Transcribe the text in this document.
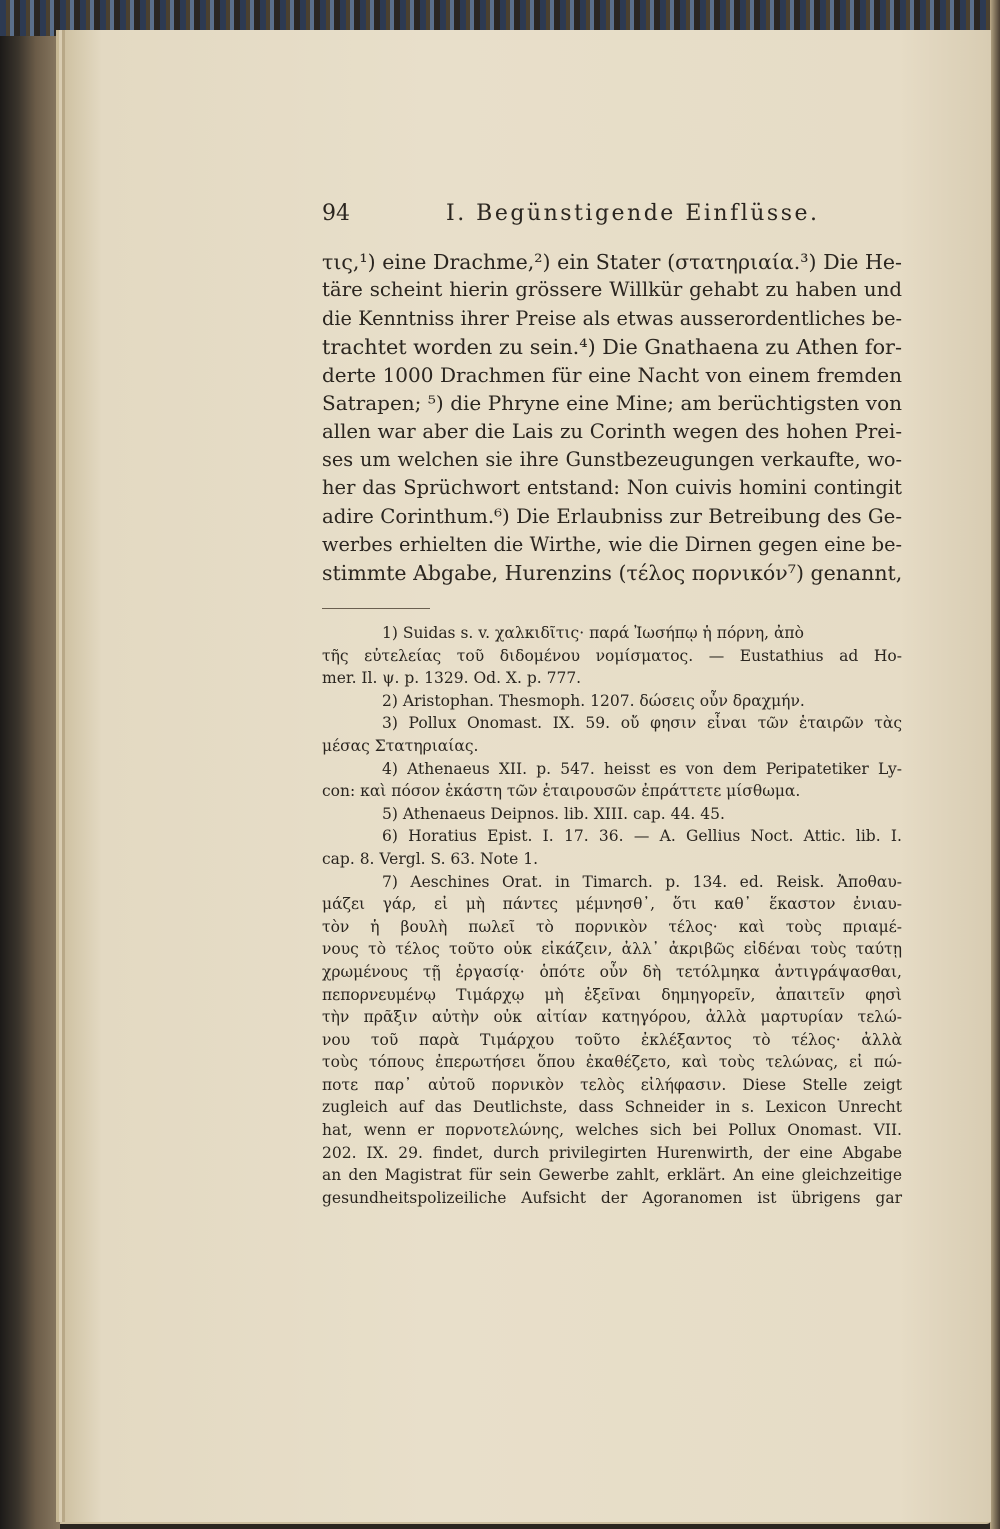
94	I. Begünstigende Einflüsse.
τις,¹) eine Drachme,²) ein Stater (στατηριαία.³) Die He-
täre scheint hierin grössere Willkür gehabt zu haben und
die Kenntniss ihrer Preise als etwas ausserordentliches be-
trachtet worden zu sein.⁴) Die Gnathaena zu Athen for-
derte 1000 Drachmen für eine Nacht von einem fremden
Satrapen; ⁵) die Phryne eine Mine; am berüchtigsten von
allen war aber die Lais zu Corinth wegen des hohen Prei-
ses um welchen sie ihre Gunstbezeugungen verkaufte, wo-
her das Sprüchwort entstand: Non cuivis homini contingit
adire Corinthum.⁶) Die Erlaubniss zur Betreibung des Ge-
werbes erhielten die Wirthe, wie die Dirnen gegen eine be-
stimmte Abgabe, Hurenzins (τέλος πορνικόν⁷) genannt,
1) Suidas s. v. χαλκιδῖτις· παρά Ἰωσήπῳ ἡ πόρνη, ἀπὸ
τῆς εὐτελείας τοῦ διδομένου νομίσματος. — Eustathius ad Ho-
mer. Il. ψ. p. 1329. Od. X. p. 777.
2) Aristophan. Thesmoph. 1207. δώσεις οὖν δραχμήν.
3) Pollux Onomast. IX. 59. οὔ φησιν εἶναι τῶν ἑταιρῶν τὰς
μέσας Στατηριαίας.
4) Athenaeus XII. p. 547. heisst es von dem Peripatetiker Ly-
con: καὶ πόσον ἑκάστη τῶν ἑταιρουσῶν ἐπράττετε μίσθωμα.
5) Athenaeus Deipnos. lib. XIII. cap. 44. 45.
6) Horatius Epist. I. 17. 36. — A. Gellius Noct. Attic. lib. I.
cap. 8. Vergl. S. 63. Note 1.
7) Aeschines Orat. in Timarch. p. 134. ed. Reisk. Ἀποθαυ-
μάζει γάρ, εἰ μὴ πάντες μέμνησθ᾽, ὅτι καθ᾽ ἕκαστον ἐνιαυ-
τὸν ἡ βουλὴ πωλεῖ τὸ πορνικὸν τέλος· καὶ τοὺς πριαμέ-
νους τὸ τέλος τοῦτο οὐκ εἰκάζειν, ἀλλ᾽ ἀκριβῶς εἰδέναι τοὺς ταύτῃ
χρωμένους τῇ ἐργασίᾳ· ὁπότε οὖν δὴ τετόλμηκα ἀντιγράψασθαι,
πεπορνευμένῳ Τιμάρχῳ μὴ ἐξεῖναι δημηγορεῖν, ἀπαιτεῖν φησὶ
τὴν πρᾶξιν αὐτὴν οὐκ αἰτίαν κατηγόρου, ἀλλὰ μαρτυρίαν τελώ-
νου τοῦ παρὰ Τιμάρχου τοῦτο ἐκλέξαντος τὸ τέλος· ἀλλὰ
τοὺς τόπους ἐπερωτήσει ὅπου ἐκαθέζετο, καὶ τοὺς τελώνας, εἰ πώ-
ποτε παρ᾽ αὐτοῦ πορνικὸν τελὸς εἰλήφασιν. Diese Stelle zeigt
zugleich auf das Deutlichste, dass Schneider in s. Lexicon Unrecht
hat, wenn er πορνοτελώνης, welches sich bei Pollux Onomast. VII.
202. IX. 29. findet, durch privilegirten Hurenwirth, der eine Abgabe
an den Magistrat für sein Gewerbe zahlt, erklärt. An eine gleichzeitige
gesundheitspolizeiliche Aufsicht der Agoranomen ist übrigens gar
